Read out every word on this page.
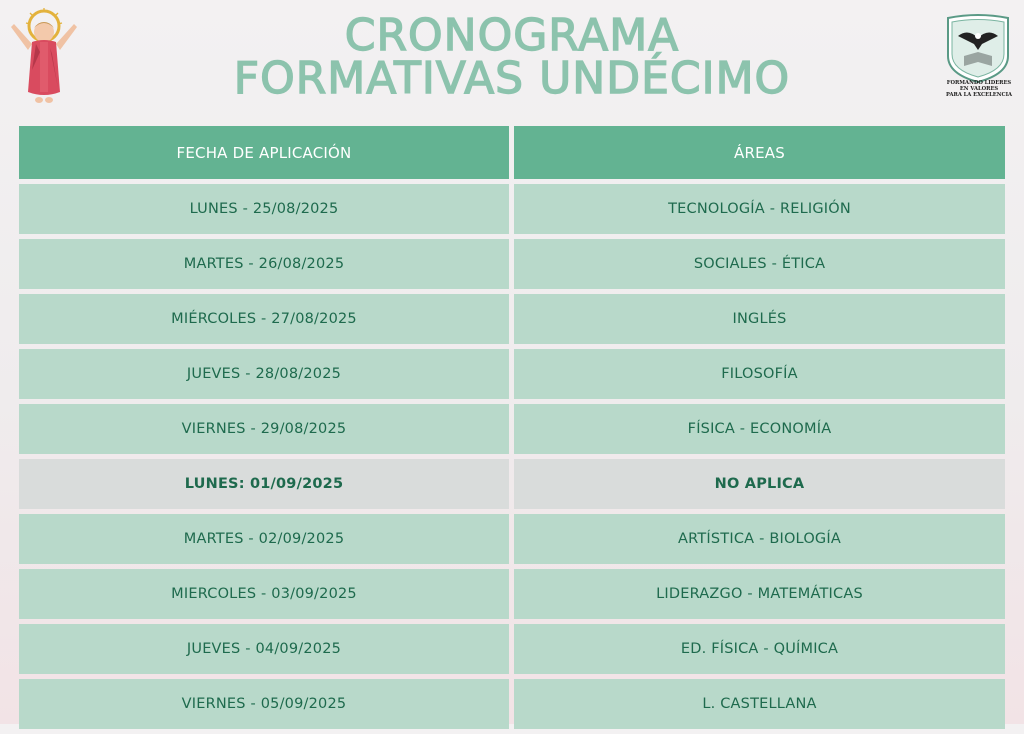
CRONOGRAMA
FORMATIVAS UNDÉCIMO	FORMANDO LIDERES
EN VALORES
PARA LA EXCELENCIA
FECHA DE APLICACIÓN	ÁREAS
LUNES - 25/08/2025	TECNOLOGÍA - RELIGIÓN
MARTES - 26/08/2025	SOCIALES - ÉTICA
MIÉRCOLES - 27/08/2025	INGLÉS
JUEVES - 28/08/2025	FILOSOFÍA
VIERNES - 29/08/2025	FÍSICA - ECONOMÍA
LUNES: 01/09/2025	NO APLICA
MARTES - 02/09/2025	ARTÍSTICA - BIOLOGÍA
MIERCOLES - 03/09/2025	LIDERAZGO - MATEMÁTICAS
JUEVES - 04/09/2025	ED. FÍSICA - QUÍMICA
VIERNES - 05/09/2025	L. CASTELLANA
